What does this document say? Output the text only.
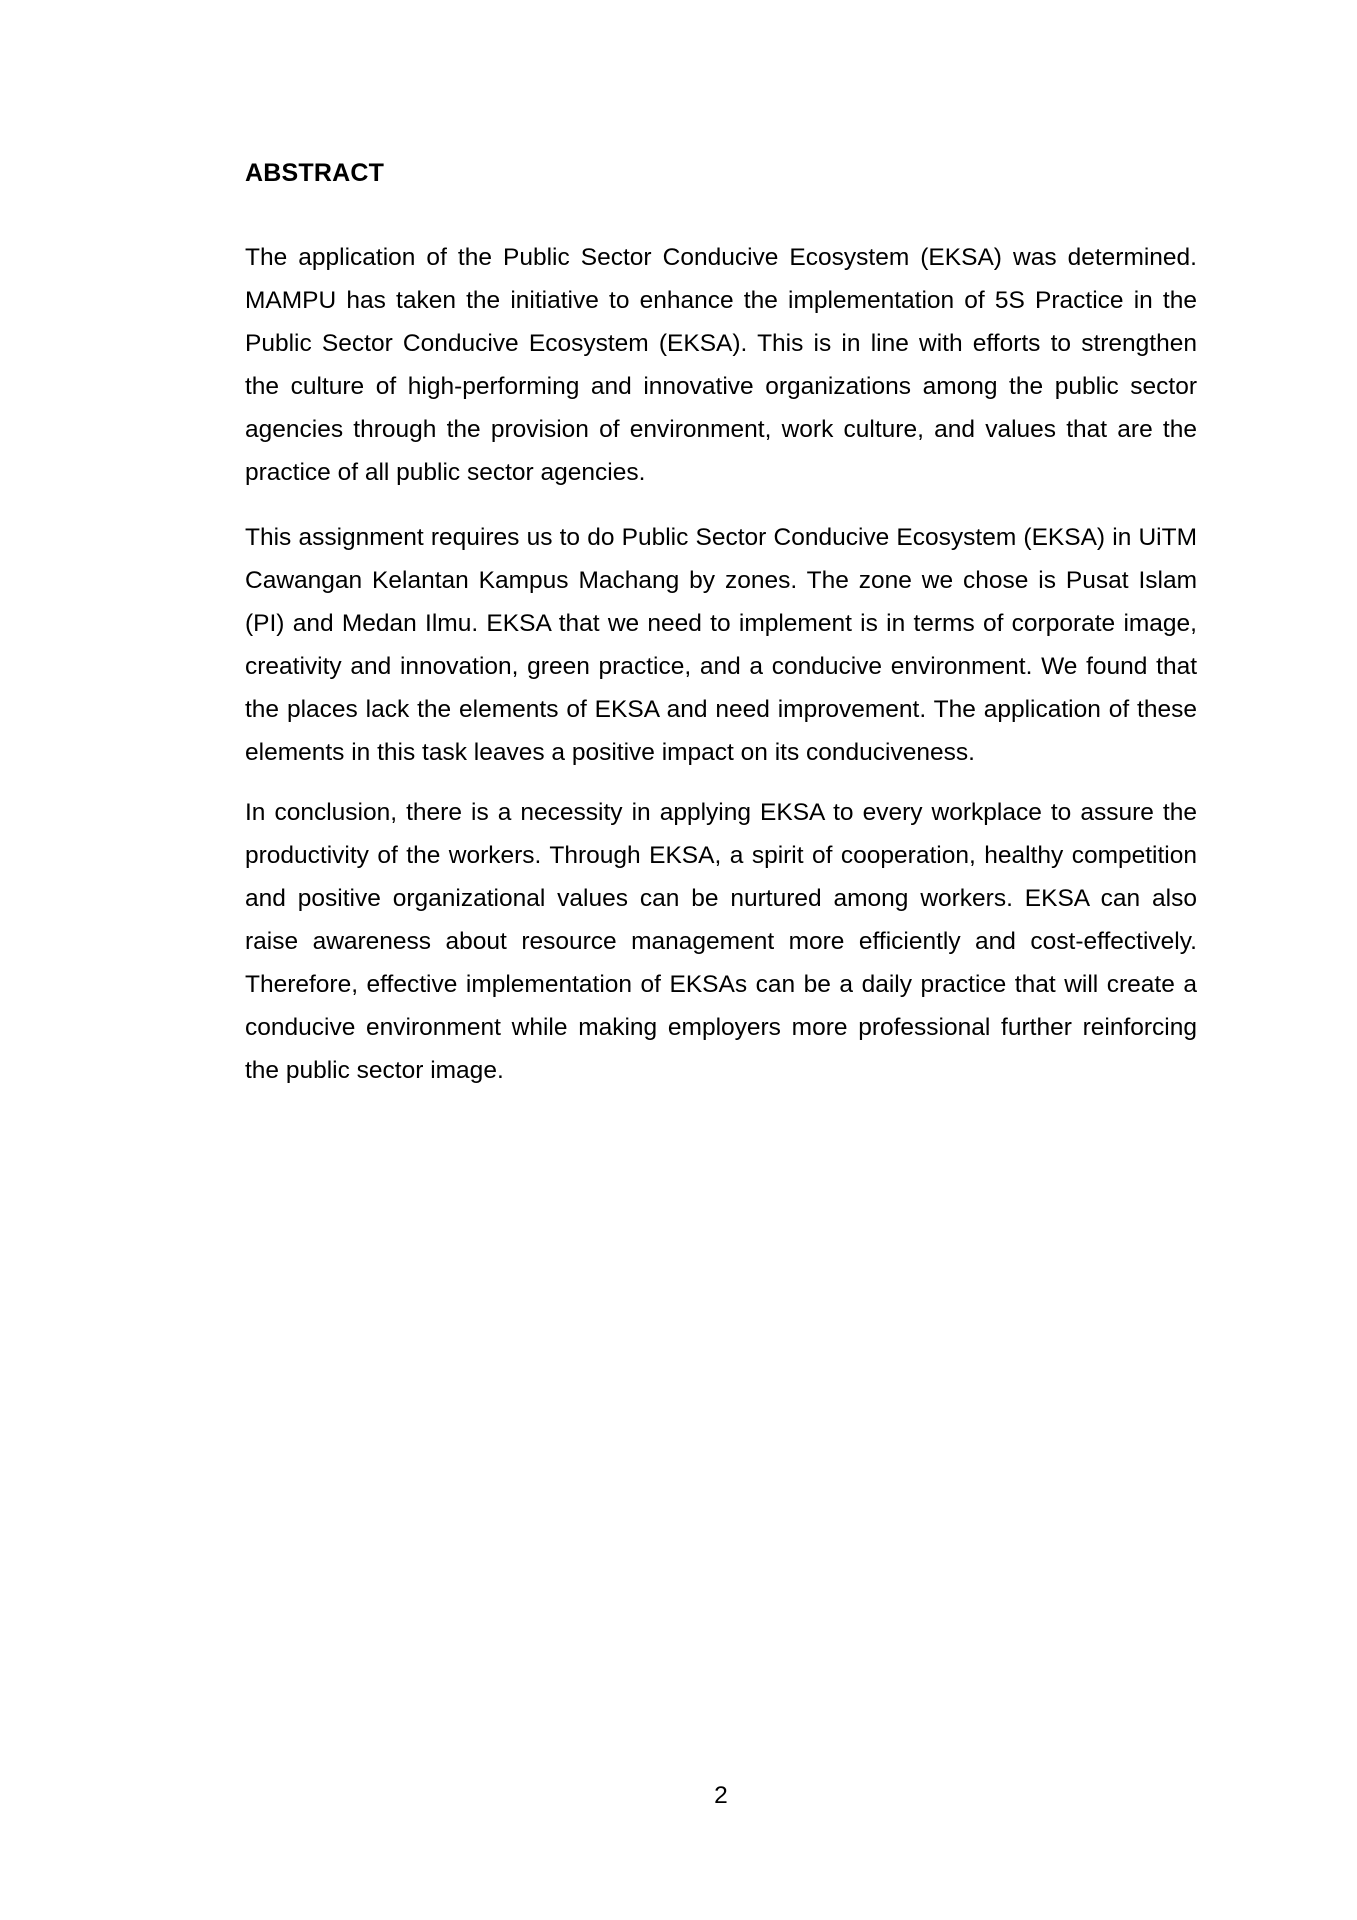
ABSTRACT
The application of the Public Sector Conducive Ecosystem (EKSA) was determined.
MAMPU has taken the initiative to enhance the implementation of 5S Practice in the
Public Sector Conducive Ecosystem (EKSA). This is in line with efforts to strengthen
the culture of high-performing and innovative organizations among the public sector
agencies through the provision of environment, work culture, and values that are the
practice of all public sector agencies.
This assignment requires us to do Public Sector Conducive Ecosystem (EKSA) in UiTM
Cawangan Kelantan Kampus Machang by zones. The zone we chose is Pusat Islam
(PI) and Medan Ilmu. EKSA that we need to implement is in terms of corporate image,
creativity and innovation, green practice, and a conducive environment. We found that
the places lack the elements of EKSA and need improvement. The application of these
elements in this task leaves a positive impact on its conduciveness.
In conclusion, there is a necessity in applying EKSA to every workplace to assure the
productivity of the workers. Through EKSA, a spirit of cooperation, healthy competition
and positive organizational values can be nurtured among workers. EKSA can also
raise awareness about resource management more efficiently and cost-effectively.
Therefore, effective implementation of EKSAs can be a daily practice that will create a
conducive environment while making employers more professional further reinforcing
the public sector image.
2
